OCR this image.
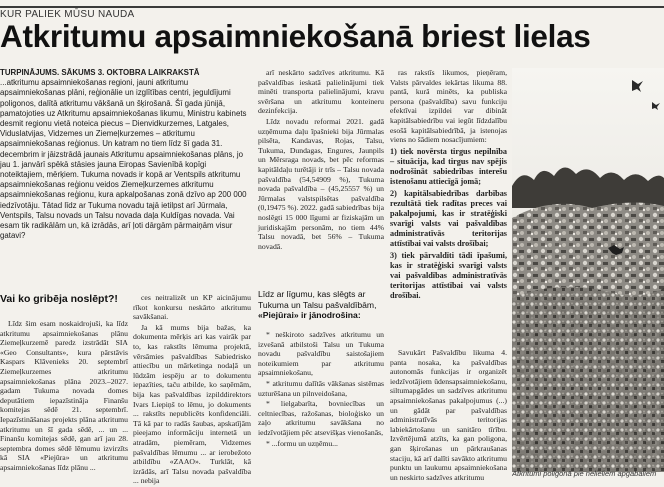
KUR PALIEK MŪSU NAUDA
Atkritumu apsaimniekošanā briest lielas
TURPINĀJUMS. SĀKUMS 3. OKTOBRA LAIKRAKSTĀ
...atkritumu apsaimniekošanas regioni, jauni atkritumu apsaimniekošanas plāni, reģionālie un izglītības centri, jeguldījumi poligonos, dalītā atkritumu vākšanā un šķirošanā. Šī gada jūnijā, pamatojoties uz Atkritumu apsaimniekošanas likumu, Ministru kabinets desmit regionu vietā noteica piecus – Dienvidkurzemes, Latgales, Viduslatvijas, Vidzemes un Ziemeļkurzemes – atkritumu apsaimniekošanas reģionus. Un katram no tiem līdz šī gada 31. decembrim ir jāizstrādā jaunais Atkritumu apsaimniekošanas plāns, jo jau 1. janvārī spēkā stāsies jauna Eiropas Savienībā kopīgi noteiktajiem, mērķiem. Tukuma novads ir kopā ar Ventspils atkritumu apsaimniekošanas reģionu veidos Ziemeļkurzemes atkritumu apsaimniekošanas reģionu, kura apkalpošanas zonā dzīvo ap 200 000 iedzīvotāju. Tātad līdz ar Tukuma novadu tajā ietilpst arī Jūrmala, Ventspils, Talsu novads un Talsu novada daļa Kuldīgas novada. Vai esam tik radikālām un, kā izrādās, arī ļoti dārgām pārmaiņām visur gatavi?
Vai ko gribēja noslēpt?!

Līdz šim esam noskaidrojuši, ka līdz atkritumu apsaimniekošanas plānu Ziemeļkurzemē paredz izstrādāt SIA «Geo Consultants», kura pārstāvis Kaspars Klāvenieks 20. septembrī Ziemeļkurzemes atkritumu apsaimniekošanas plāna 2023.–2027. gadam Tukuma novada domes deputātiem iepazīstināja Finanšu komitejas sēdē 21. septembrī. Iepazīstināšanas projekts plāna atkritumu atkritumu un šī gada sēdē, ... un ... Finanšu komitejas sēdē, gan arī jau 28. septembra domes sēdē lēmumu izvirzīts kā SIA «Piejūra» un atkritumu apsaimniekošanas līdz plānu ...

ces neitralizēt un KP aicinājumu rīkot konkursu neskārto atkritumu savākšanai.

Ja kā mums bija bažas, ka dokumenta mērķis ari kas vairāk par to, kas rakstīts lēmuma projektā, vērsāmies pašvaldības Sabiedrisko attiecību un mārketinga nodaļā un lūdzām iespēju ar to dokumentu iepazīties, taču atbilde, ko saņēmām, bija kas pašvaldības izpilddirektors Ivars Liepiņš to lēmu, jo dokuments ... rakstīts nepublicēts konfidenciāli. Tā kā par to radās šaubas, apskatījām pieejamo informāciju internetā un atradām, piemēram, Vidzemes pašvaldības lēmumu ... ar ierobežoto atbildību «ZAAO». Turklāt, kā izrādās, arī Talsu novada pašvaldība ... nebija

arī neskārto sadzīves atkritumu. Kā pašvaldības ieskatā palielinājumi tiek minēti transporta palielinājumi, kravu svēršana un atkritumu konteineru dezinfekcija.

Līdz novadu reformai 2021. gadā uzņēmuma daļu īpašnieki bija Jūrmalas pilsēta, Kandavas, Rojas, Talsu, Tukuma, Dundagas, Engures, Jaunpils un Mērsraga novads, bet pēc reformas kapitāldaļu turētāji ir trīs – Talsu novada pašvaldība (54,54909 %), Tukuma novada pašvaldība – (45,25557 %) un Jūrmalas valstspilsētas pašvaldība (0,19475 %). 2022. gadā sabiedrības bija noslēgti 15 000 līgumi ar fiziskajām un juridiskajām personām, no tiem 44% Talsu novadā, bet 56% – Tukuma novadā.

Līdz ar līgumu, kas slēgts ar Tukuma un Talsu pašvaldībām, «Piejūrai» ir jānodrošina:

* neškiroto sadzīves atkritumu un izvešanā atbilstoši Talsu un Tukuma novadu pašvaldību saistošajiem noteikumiem par atkritumu apsaimniekošanu,

* atkritumu dalītās vākšanas sistēmas uzturēšana un pilnveidošana,

* lielgabarīta, bovniecības un celtniecības, ražošanas, bioloģisko un zaļo atkritumu savākšana no iedzīvotājiem pēc atsevišķas vienošanās,

* ...formu un uzņēmu...

ras rakstīs likumos, pieņēram, Valsts pārvaldes iekārtas likuma 88. pantā, kurā minēts, ka publiska persona (pašvaldība) savu funkciju efektīvai izpildei var dibināt kapitālsabiedrību vai iegūt līdzdalību esošā kapitālsabiedrībā, ja istenojas viens no šādiem nosacījumiem:

1) tiek novērsta tirgus nepilnība – situācija, kad tirgus nav spējis nodrošināt sabiedrības interešu istenošanu attiecīgā jomā;

2) kapitālsabiedrības darbības rezultātā tiek radītas preces vai pakalpojumi, kas ir stratēģiski svarīgi valsts vai pašvaldības administratīvās teritorijas attīstībai vai valsts drošībai;

3) tiek pārvaldīti tādi īpašumi, kas ir stratēģiski svarīgi valsts vai pašvaldības administratīvās teritorijas attīstībai vai valsts drošībai.

Savukārt Pašvaldību likuma 4. panta nosaka, ka pašvaldības autonomās funkcijas ir organizēt iedzīvotājiem ūdensapsaimniekošanu, siltumapgādes un sadzīves atkritumu apsaimniekošanas pakalpojumus (...) un gādāt par pašvaldības administratīvās teritorijas labiekārtošanu un sanitāro tīrību. Izvērtējumā atzīts, ka gan poligona, gan šķirošanas un pārkraušanas staciju, kā arī dalīti savākto atkritumu punktu un laukumu apsaimniekošana un neskirto sadzīves atkritumu	Atkritumi poligonā pie nelieliem apgabaliem
